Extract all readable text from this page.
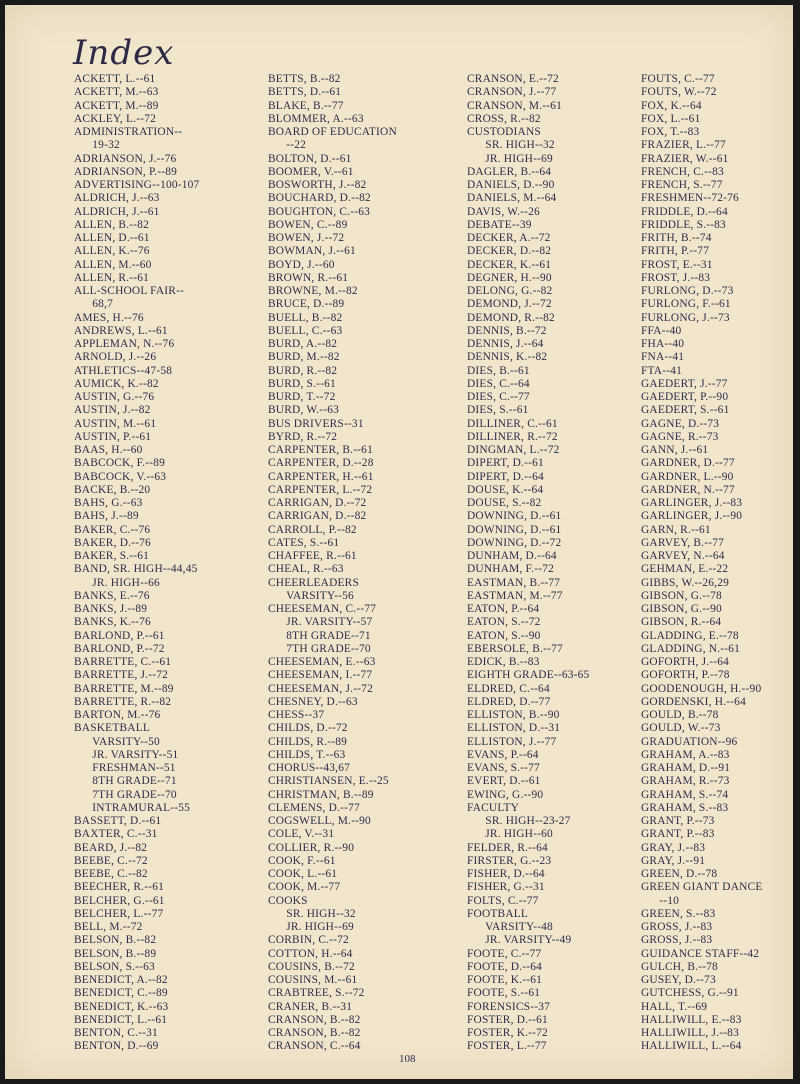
Index
ACKETT, L.--61
ACKETT, M.--63
ACKETT, M.--89
ACKLEY, L.--72
ADMINISTRATION--
19-32
ADRIANSON, J.--76
ADRIANSON, P.--89
ADVERTISING--100-107
ALDRICH, J.--63
ALDRICH, J.--61
ALLEN, B.--82
ALLEN, D.--61
ALLEN, K.--76
ALLEN, M.--60
ALLEN, R.--61
ALL-SCHOOL FAIR--
68,7
AMES, H.--76
ANDREWS, L.--61
APPLEMAN, N.--76
ARNOLD, J.--26
ATHLETICS--47-58
AUMICK, K.--82
AUSTIN, G.--76
AUSTIN, J.--82
AUSTIN, M.--61
AUSTIN, P.--61
BAAS, H.--60
BABCOCK, F.--89
BABCOCK, V.--63
BACKE, B.--20
BAHS, G.--63
BAHS, J.--89
BAKER, C.--76
BAKER, D.--76
BAKER, S.--61
BAND, SR. HIGH--44,45
JR. HIGH--66
BANKS, E.--76
BANKS, J.--89
BANKS, K.--76
BARLOND, P.--61
BARLOND, P.--72
BARRETTE, C.--61
BARRETTE, J.--72
BARRETTE, M.--89
BARRETTE, R.--82
BARTON, M.--76
BASKETBALL
VARSITY--50
JR. VARSITY--51
FRESHMAN--51
8TH GRADE--71
7TH GRADE--70
INTRAMURAL--55
BASSETT, D.--61
BAXTER, C.--31
BEARD, J.--82
BEEBE, C.--72
BEEBE, C.--82
BEECHER, R.--61
BELCHER, G.--61
BELCHER, L.--77
BELL, M.--72
BELSON, B.--82
BELSON, B.--89
BELSON, S.--63
BENEDICT, A.--82
BENEDICT, C.--89
BENEDICT, K.--63
BENEDICT, L.--61
BENTON, C.--31
BENTON, D.--69
BETTS, B.--82
BETTS, D.--61
BLAKE, B.--77
BLOMMER, A.--63
BOARD OF EDUCATION
--22
BOLTON, D.--61
BOOMER, V.--61
BOSWORTH, J.--82
BOUCHARD, D.--82
BOUGHTON, C.--63
BOWEN, C.--89
BOWEN, J.--72
BOWMAN, J.--61
BOYD, J.--60
BROWN, R.--61
BROWNE, M.--82
BRUCE, D.--89
BUELL, B.--82
BUELL, C.--63
BURD, A.--82
BURD, M.--82
BURD, R.--82
BURD, S.--61
BURD, T.--72
BURD, W.--63
BUS DRIVERS--31
BYRD, R.--72
CARPENTER, B.--61
CARPENTER, D.--28
CARPENTER, H.--61
CARPENTER, L.--72
CARRIGAN, D.--72
CARRIGAN, D.--82
CARROLL, P.--82
CATES, S.--61
CHAFFEE, R.--61
CHEAL, R.--63
CHEERLEADERS
VARSITY--56
CHEESEMAN, C.--77
JR. VARSITY--57
8TH GRADE--71
7TH GRADE--70
CHEESEMAN, E.--63
CHEESEMAN, I.--77
CHEESEMAN, J.--72
CHESNEY, D.--63
CHESS--37
CHILDS, D.--72
CHILDS, R.--89
CHILDS, T.--63
CHORUS--43,67
CHRISTIANSEN, E.--25
CHRISTMAN, B.--89
CLEMENS, D.--77
COGSWELL, M.--90
COLE, V.--31
COLLIER, R.--90
COOK, F.--61
COOK, L.--61
COOK, M.--77
COOKS
SR. HIGH--32
JR. HIGH--69
CORBIN, C.--72
COTTON, H.--64
COUSINS, B.--72
COUSINS, M.--61
CRABTREE, S.--72
CRANER, B.--31
CRANSON, B.--82
CRANSON, B.--82
CRANSON, C.--64
CRANSON, E.--72
CRANSON, J.--77
CRANSON, M.--61
CROSS, R.--82
CUSTODIANS
SR. HIGH--32
JR. HIGH--69
DAGLER, B.--64
DANIELS, D.--90
DANIELS, M.--64
DAVIS, W.--26
DEBATE--39
DECKER, A.--72
DECKER, D.--82
DECKER, K.--61
DEGNER, H.--90
DELONG, G.--82
DEMOND, J.--72
DEMOND, R.--82
DENNIS, B.--72
DENNIS, J.--64
DENNIS, K.--82
DIES, B.--61
DIES, C.--64
DIES, C.--77
DIES, S.--61
DILLINER, C.--61
DILLINER, R.--72
DINGMAN, L.--72
DIPERT, D.--61
DIPERT, D.--64
DOUSE, K.--64
DOUSE, S.--82
DOWNING, D.--61
DOWNING, D.--61
DOWNING, D.--72
DUNHAM, D.--64
DUNHAM, F.--72
EASTMAN, B.--77
EASTMAN, M.--77
EATON, P.--64
EATON, S.--72
EATON, S.--90
EBERSOLE, B.--77
EDICK, B.--83
EIGHTH GRADE--63-65
ELDRED, C.--64
ELDRED, D.--77
ELLISTON, B.--90
ELLISTON, D.--31
ELLISTON, J.--77
EVANS, P.--64
EVANS, S.--77
EVERT, D.--61
EWING, G.--90
FACULTY
SR. HIGH--23-27
JR. HIGH--60
FELDER, R.--64
FIRSTER, G.--23
FISHER, D.--64
FISHER, G.--31
FOLTS, C.--77
FOOTBALL
VARSITY--48
JR. VARSITY--49
FOOTE, C.--77
FOOTE, D.--64
FOOTE, K.--61
FOOTE, S.--61
FORENSICS--37
FOSTER, D.--61
FOSTER, K.--72
FOSTER, L.--77
FOUTS, C.--77
FOUTS, W.--72
FOX, K.--64
FOX, L.--61
FOX, T.--83
FRAZIER, L.--77
FRAZIER, W.--61
FRENCH, C.--83
FRENCH, S.--77
FRESHMEN--72-76
FRIDDLE, D.--64
FRIDDLE, S.--83
FRITH, B.--74
FRITH, P.--77
FROST, E.--31
FROST, J.--83
FURLONG, D.--73
FURLONG, F.--61
FURLONG, J.--73
FFA--40
FHA--40
FNA--41
FTA--41
GAEDERT, J.--77
GAEDERT, P.--90
GAEDERT, S.--61
GAGNE, D.--73
GAGNE, R.--73
GANN, J.--61
GARDNER, D.--77
GARDNER, L.--90
GARDNER, N.--77
GARLINGER, J.--83
GARLINGER, J.--90
GARN, R.--61
GARVEY, B.--77
GARVEY, N.--64
GEHMAN, E.--22
GIBBS, W.--26,29
GIBSON, G.--78
GIBSON, G.--90
GIBSON, R.--64
GLADDING, E.--78
GLADDING, N.--61
GOFORTH, J.--64
GOFORTH, P.--78
GOODENOUGH, H.--90
GORDENSKI, H.--64
GOULD, B.--78
GOULD, W.--73
GRADUATION--96
GRAHAM, A.--83
GRAHAM, D.--91
GRAHAM, R.--73
GRAHAM, S.--74
GRAHAM, S.--83
GRANT, P.--73
GRANT, P.--83
GRAY, J.--83
GRAY, J.--91
GREEN, D.--78
GREEN GIANT DANCE
--10
GREEN, S.--83
GROSS, J.--83
GROSS, J.--83
GUIDANCE STAFF--42
GULCH, B.--78
GUSEY, D.--73
GUTCHESS, G.--91
HALL, T.--69
HALLIWILL, E.--83
HALLIWILL, J.--83
HALLIWILL, L.--64
108
